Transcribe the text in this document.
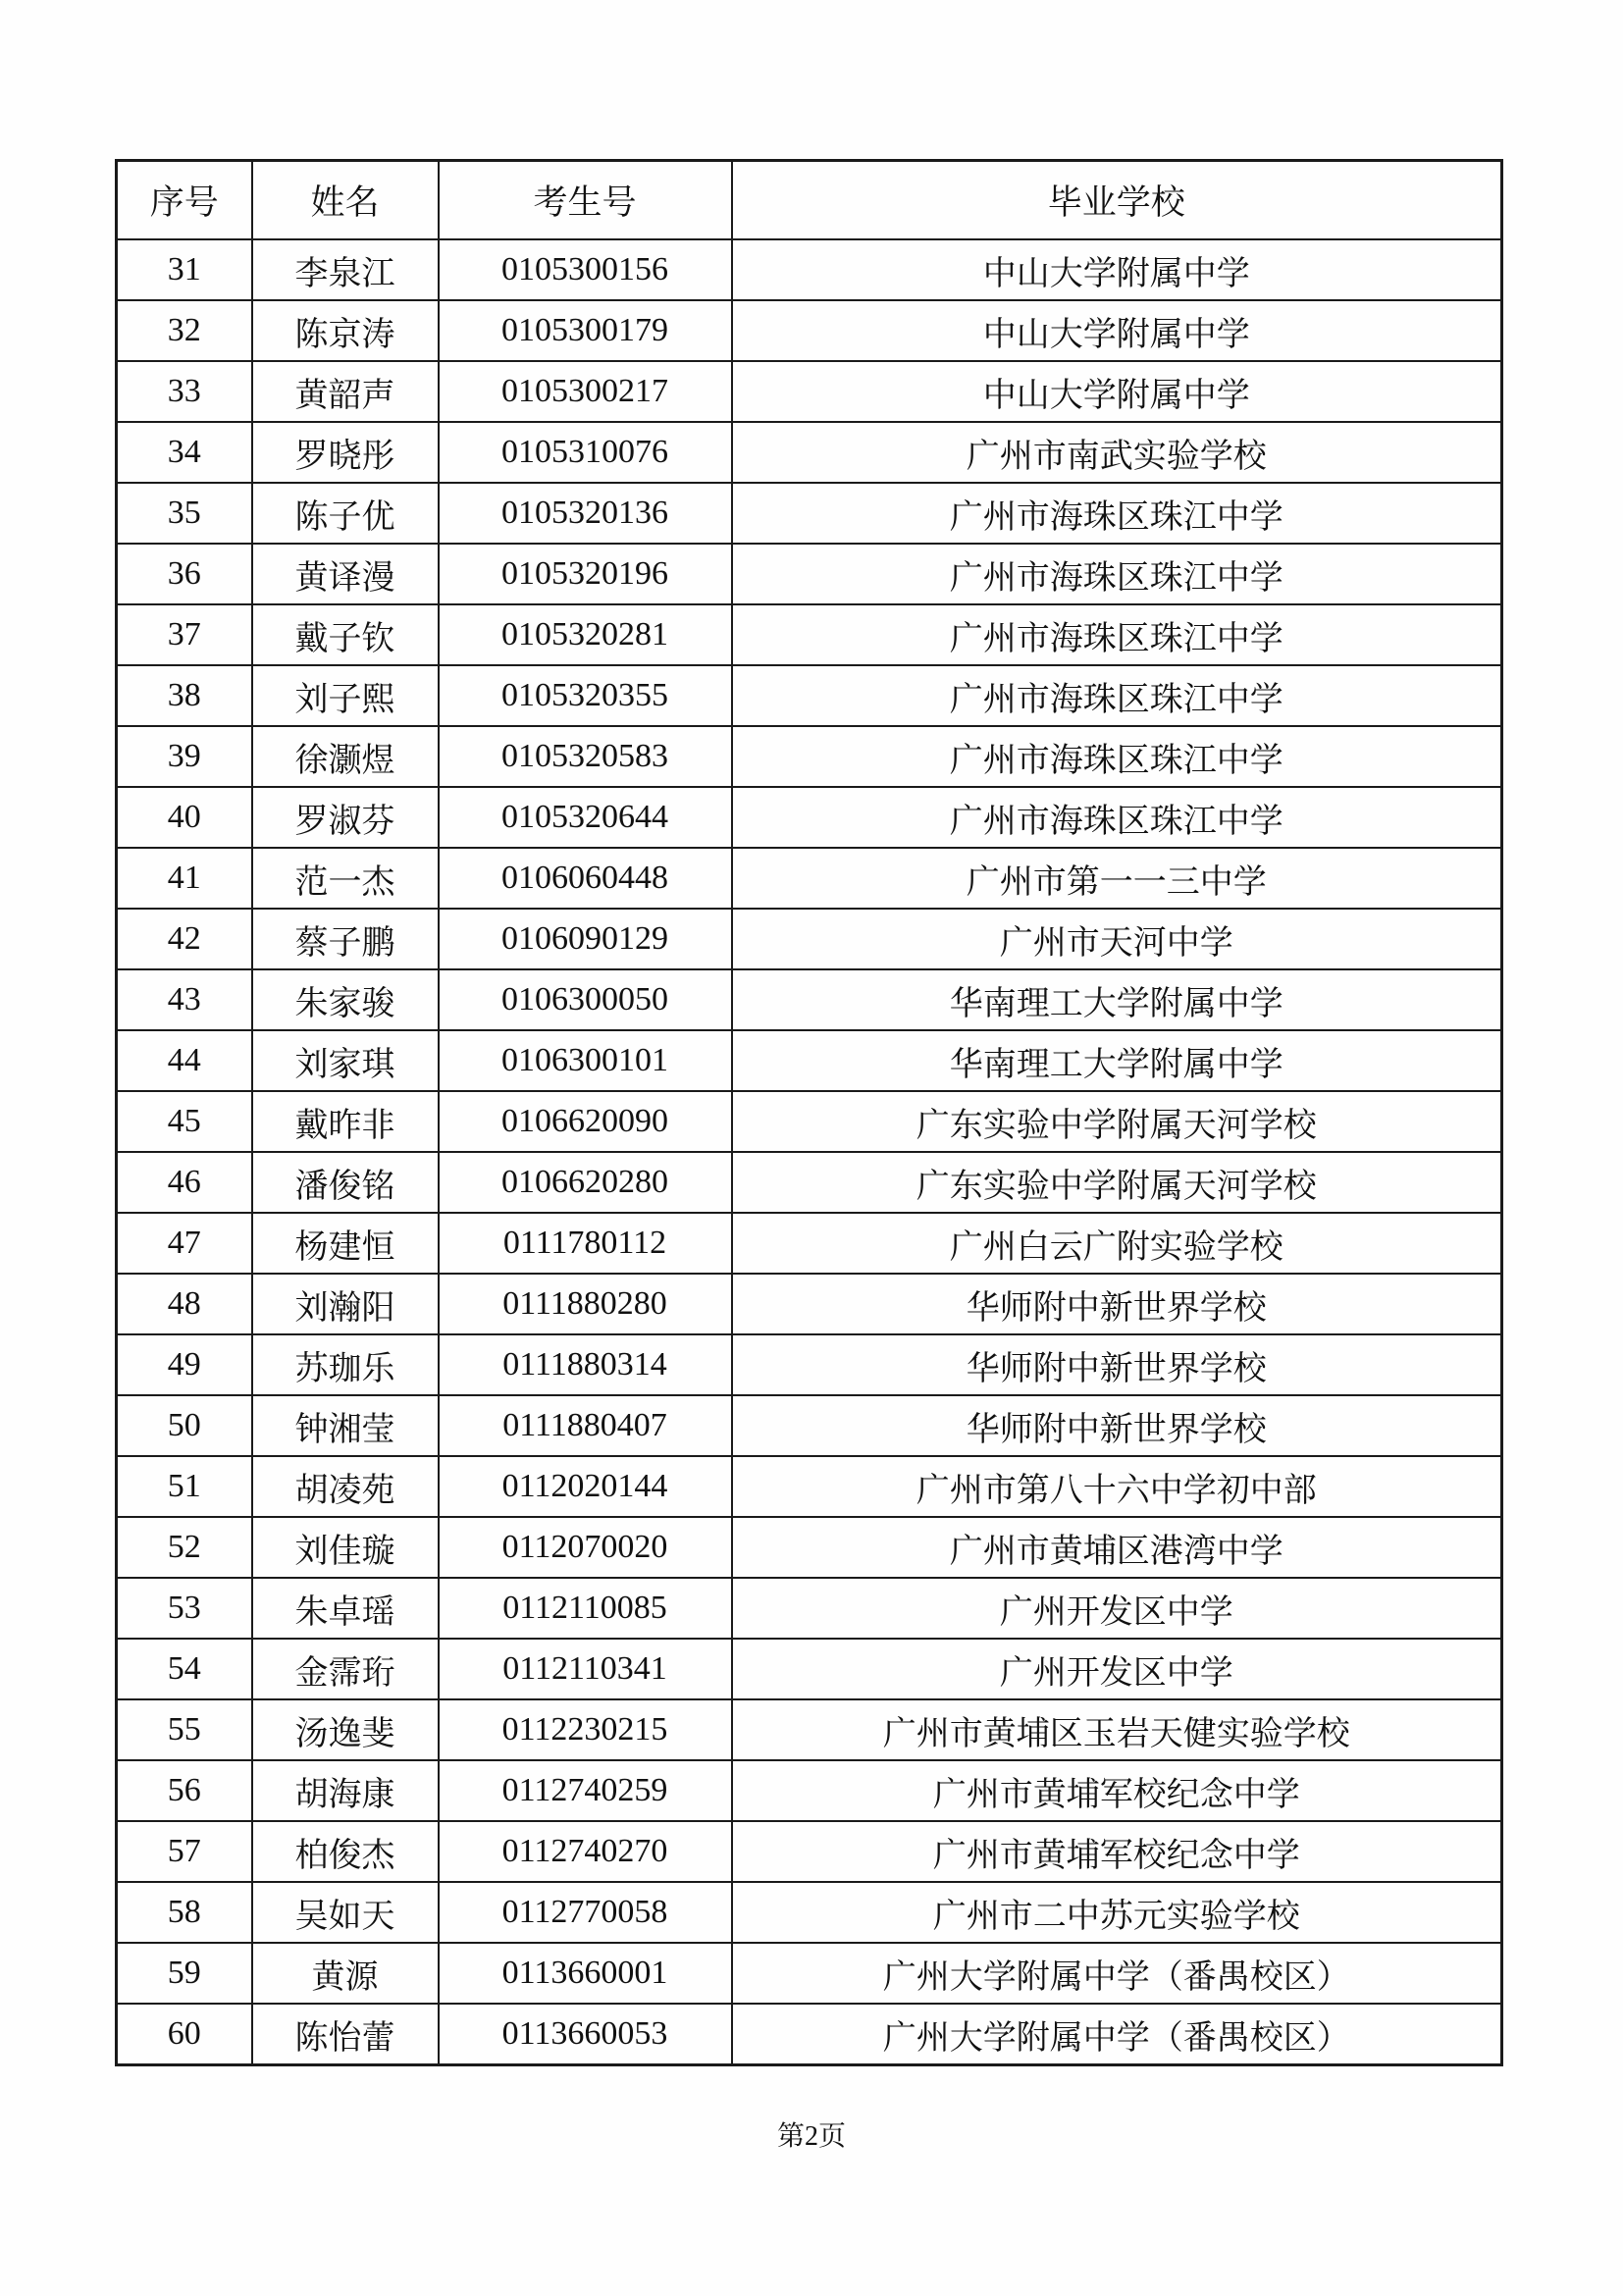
序号	姓名	考生号	毕业学校
31	李泉江	0105300156	中山大学附属中学
32	陈京涛	0105300179	中山大学附属中学
33	黄韶声	0105300217	中山大学附属中学
34	罗晓彤	0105310076	广州市南武实验学校
35	陈子优	0105320136	广州市海珠区珠江中学
36	黄译漫	0105320196	广州市海珠区珠江中学
37	戴子钦	0105320281	广州市海珠区珠江中学
38	刘子熙	0105320355	广州市海珠区珠江中学
39	徐灏煜	0105320583	广州市海珠区珠江中学
40	罗淑芬	0105320644	广州市海珠区珠江中学
41	范一杰	0106060448	广州市第一一三中学
42	蔡子鹏	0106090129	广州市天河中学
43	朱家骏	0106300050	华南理工大学附属中学
44	刘家琪	0106300101	华南理工大学附属中学
45	戴昨非	0106620090	广东实验中学附属天河学校
46	潘俊铭	0106620280	广东实验中学附属天河学校
47	杨建恒	0111780112	广州白云广附实验学校
48	刘瀚阳	0111880280	华师附中新世界学校
49	苏珈乐	0111880314	华师附中新世界学校
50	钟湘莹	0111880407	华师附中新世界学校
51	胡凌苑	0112020144	广州市第八十六中学初中部
52	刘佳璇	0112070020	广州市黄埔区港湾中学
53	朱卓瑶	0112110085	广州开发区中学
54	金霈珩	0112110341	广州开发区中学
55	汤逸斐	0112230215	广州市黄埔区玉岩天健实验学校
56	胡海康	0112740259	广州市黄埔军校纪念中学
57	柏俊杰	0112740270	广州市黄埔军校纪念中学
58	吴如天	0112770058	广州市二中苏元实验学校
59	黄源	0113660001	广州大学附属中学（番禺校区）
60	陈怡蕾	0113660053	广州大学附属中学（番禺校区）
第2页
